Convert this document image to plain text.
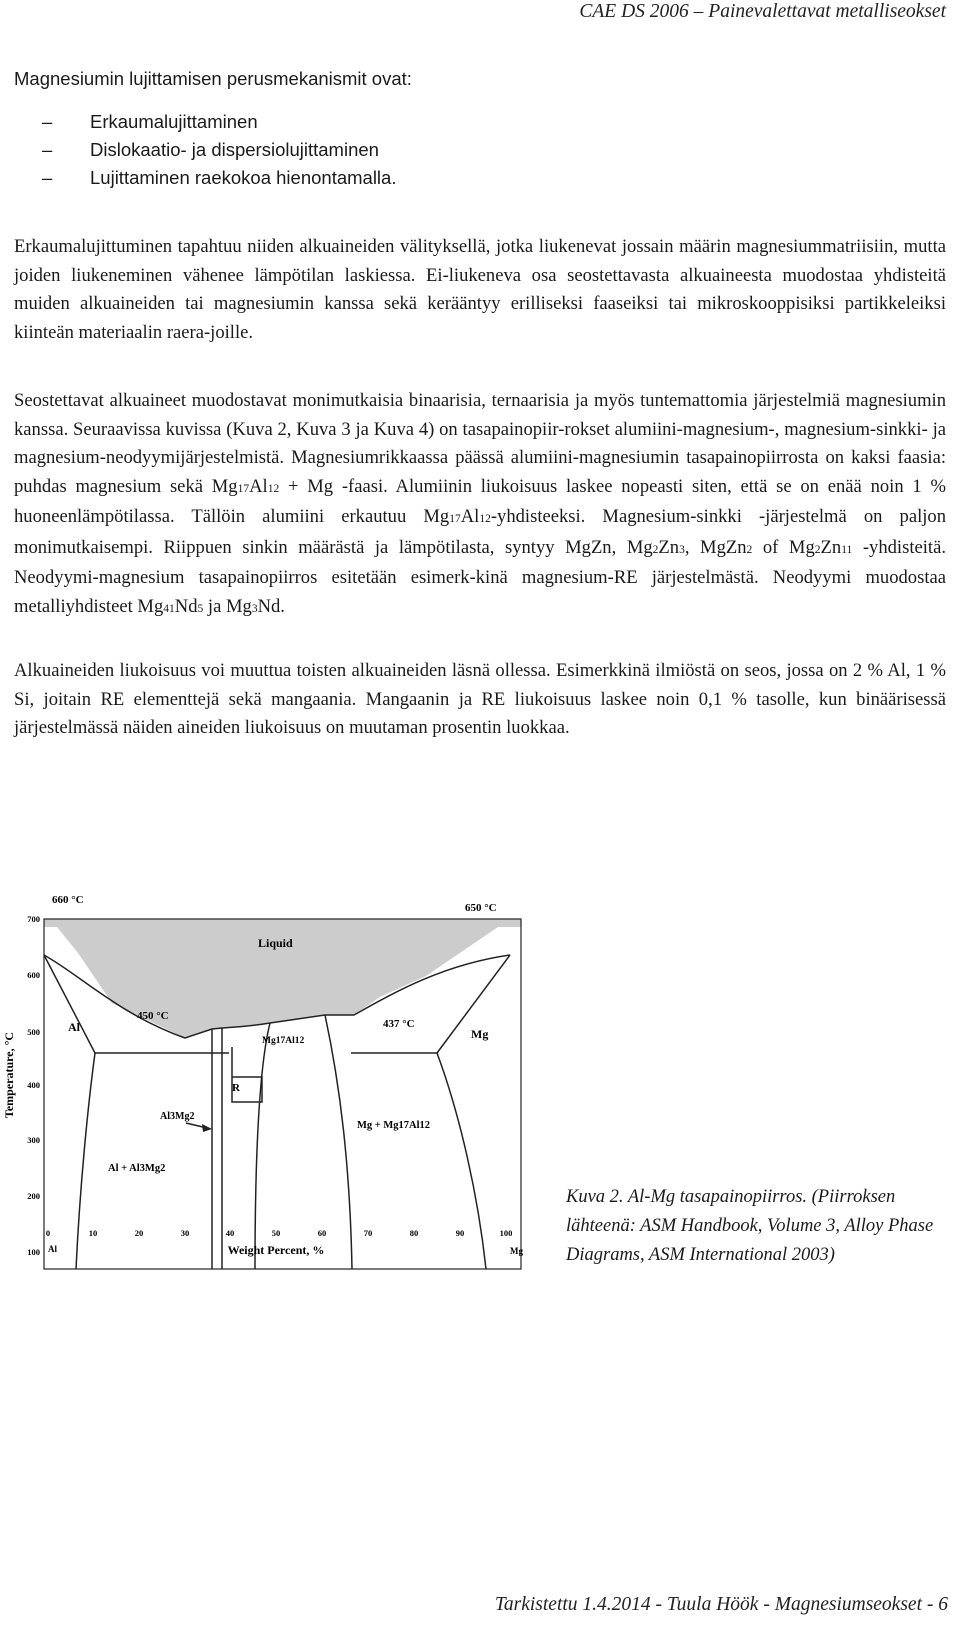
CAE DS 2006 – Painevalettavat metalliseokset
Magnesiumin lujittamisen perusmekanismit ovat:
– Erkaumalujittaminen
– Dislokaatio- ja dispersiolujittaminen
– Lujittaminen raekokoa hienontamalla.

Erkaumalujittuminen tapahtuu niiden alkuaineiden välityksellä, jotka liukenevat jossain määrin magnesiummatriisiin, mutta joiden liukeneminen vähenee lämpötilan laskiessa. Ei-liukeneva osa seostettavasta alkuaineesta muodostaa yhdisteitä muiden alkuaineiden tai magnesiumin kanssa sekä kerääntyy erilliseksi faaseiksi tai mikroskooppisiksi partikkeleiksi kiinteän materiaalin raera-joille.

Seostettavat alkuaineet muodostavat monimutkaisia binaarisia, ternaarisia ja myös tuntemattomia järjestelmiä magnesiumin kanssa. Seuraavissa kuvissa (Kuva 2, Kuva 3 ja Kuva 4) on tasapainopiir-rokset alumiini-magnesium-, magnesium-sinkki- ja magnesium-neodyymijärjestelmistä. Magnesiumrikkaassa päässä alumiini-magnesiumin tasapainopiirrosta on kaksi faasia: puhdas magnesium sekä Mg17Al12 + Mg -faasi. Alumiinin liukoisuus laskee nopeasti siten, että se on enää noin 1 % huoneenlämpötilassa. Tällöin alumiini erkautuu Mg17Al12-yhdisteeksi. Magnesium-sinkki -järjestelmä on paljon monimutkaisempi. Riippuen sinkin määrästä ja lämpötilasta, syntyy MgZn, Mg2Zn3, MgZn2 of Mg2Zn11 -yhdisteitä. Neodyymi-magnesium tasapainopiirros esitetään esimerk-kinä magnesium-RE järjestelmästä. Neodyymi muodostaa metalliyhdisteet Mg41Nd5 ja Mg3Nd.

Alkuaineiden liukoisuus voi muuttua toisten alkuaineiden läsnä ollessa. Esimerkkinä ilmiöstä on seos, jossa on 2 % Al, 1 % Si, joitain RE elementtejä sekä mangaania. Mangaanin ja RE liukoisuus laskee noin 0,1 % tasolle, kun binäärisessä järjestelmässä näiden aineiden liukoisuus on muutaman prosentin luokkaa.

700
600
500
400
300
200
100
Temperature, °C
0	10	20	30	40	50	60	70	80	90	100
Al	Weight Percent, %	Mg
660 °C
650 °C
Liquid
Al
450 °C
437 °C
Mg
Mg17Al12
R
Al3Mg2
Mg + Mg17Al12
Al + Al3Mg2
Kuva 2. Al-Mg tasapainopiirros. (Piirroksen lähteenä: ASM Handbook, Volume 3, Alloy Phase Diagrams, ASM International 2003)
Tarkistettu 1.4.2014 - Tuula Höök - Magnesiumseokset - 6
